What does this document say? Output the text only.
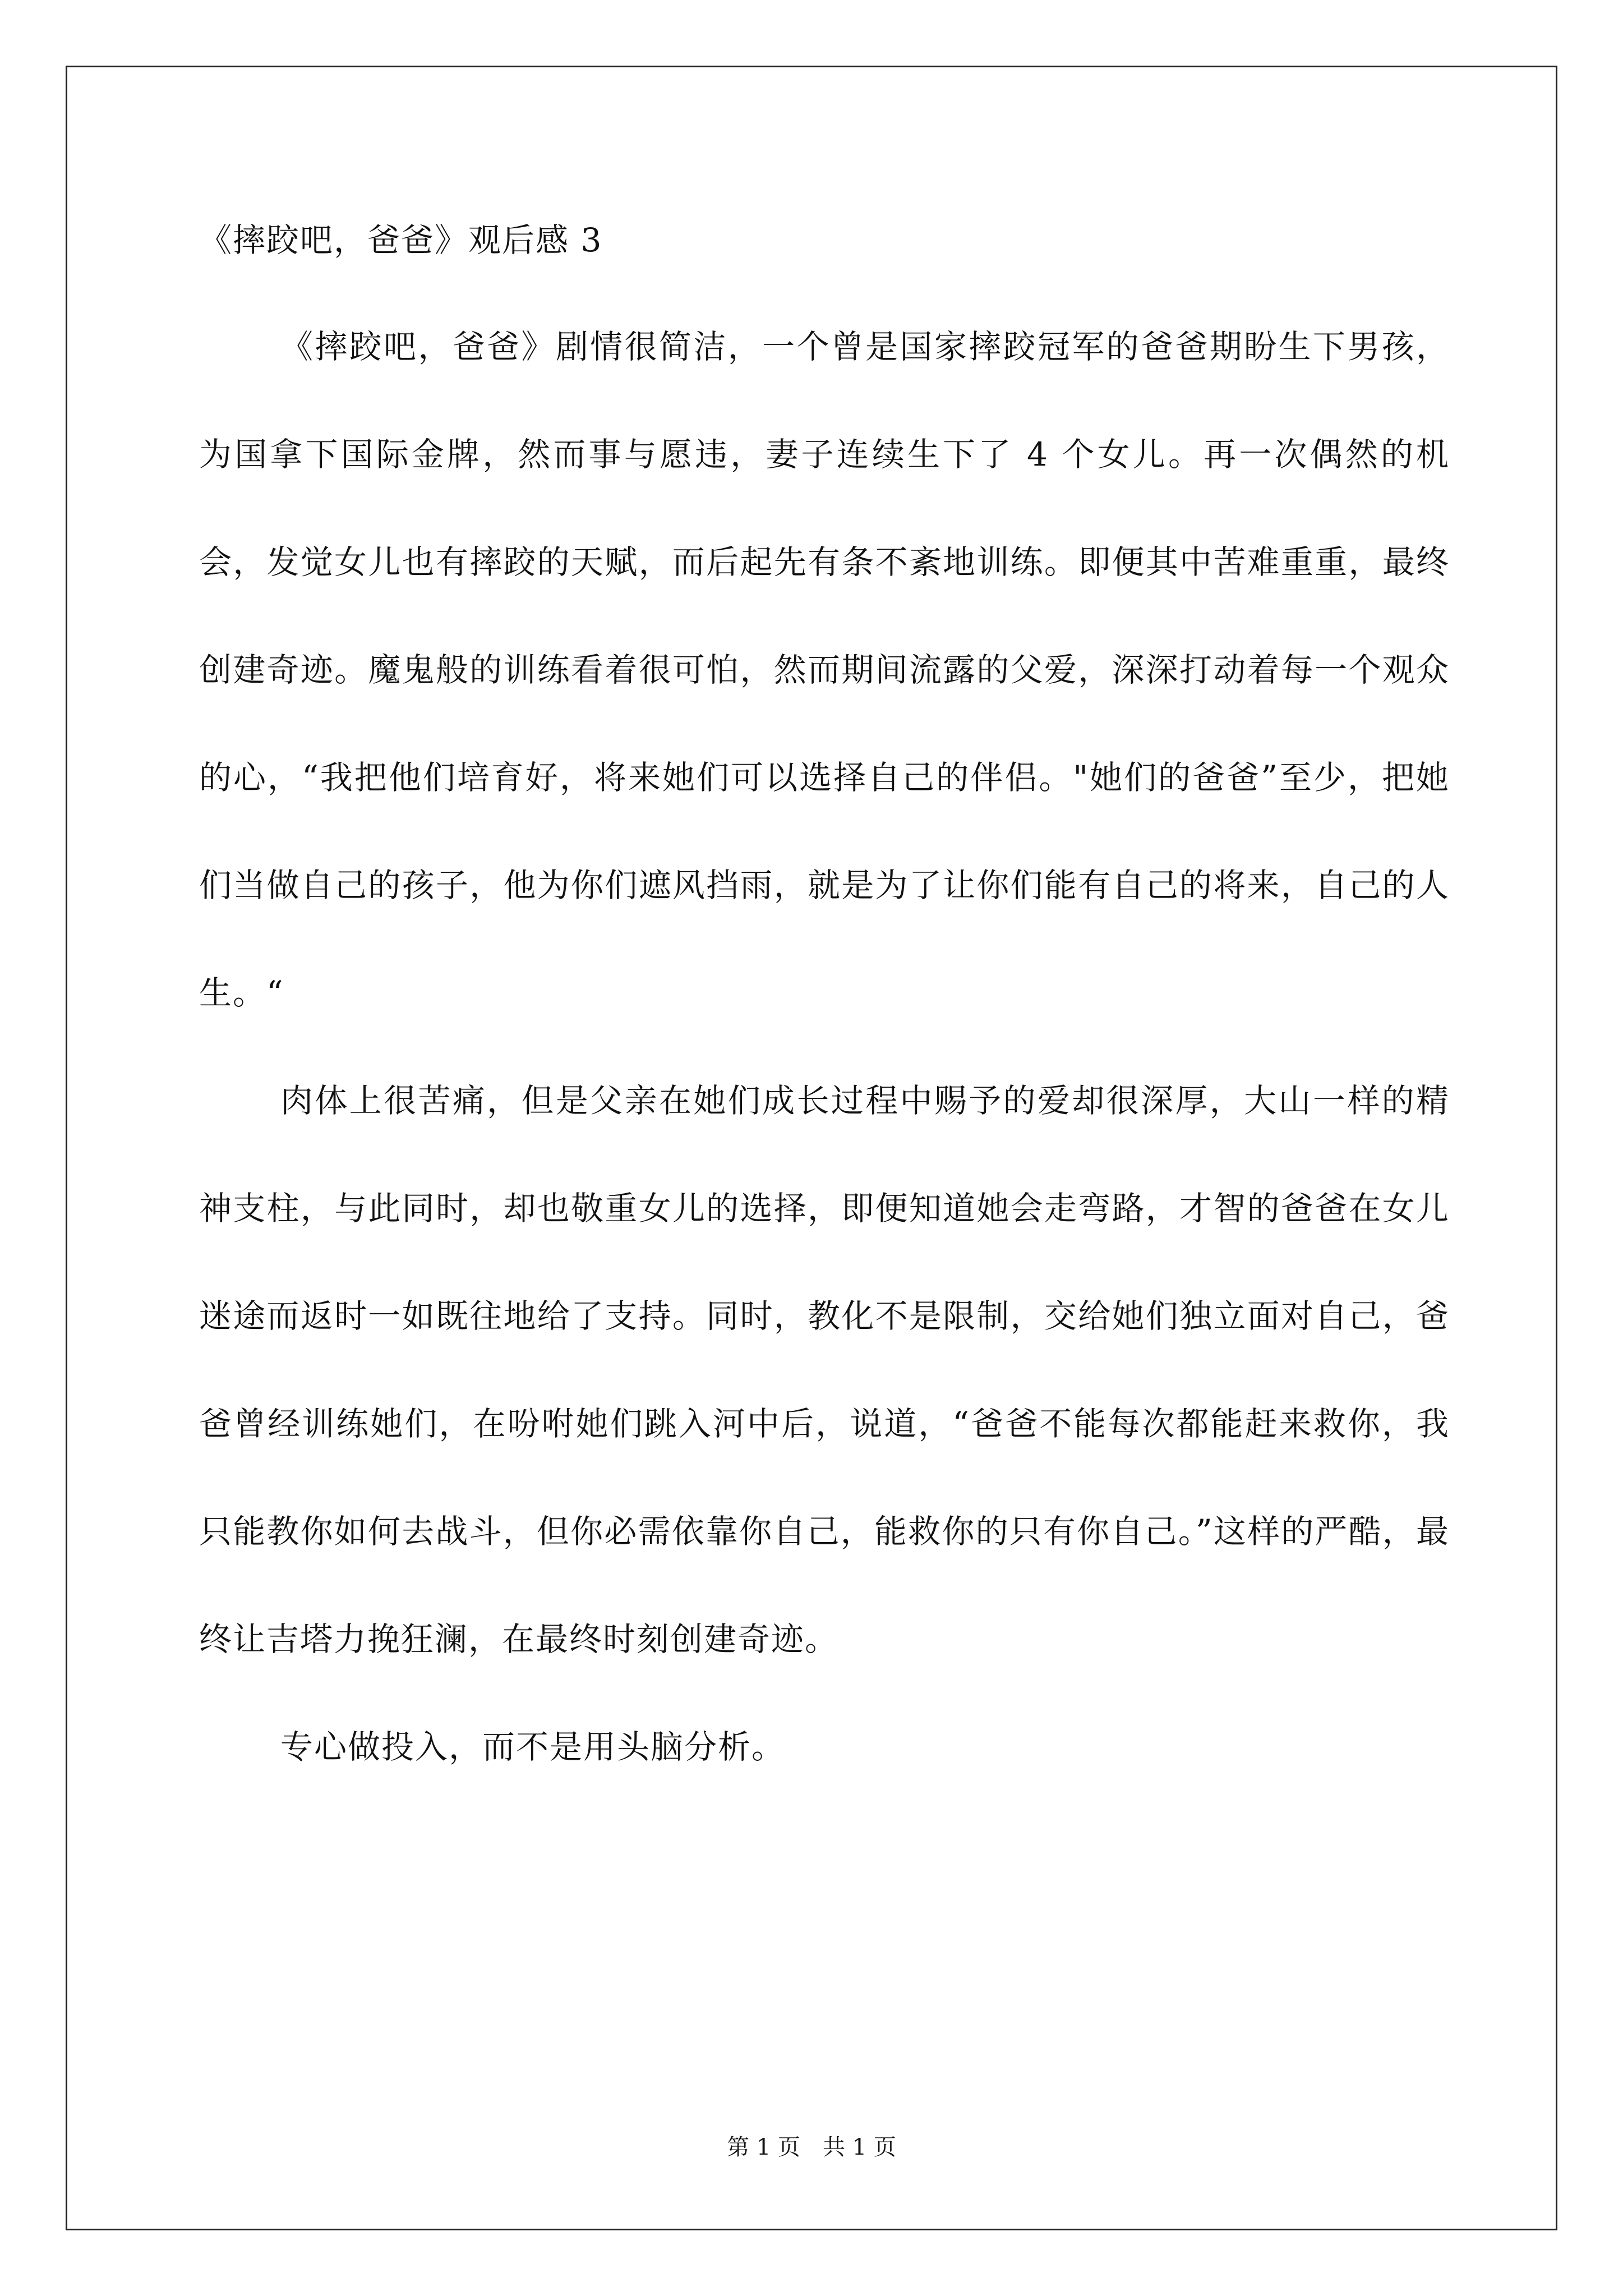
《摔跤吧，爸爸》观后感 3

《摔跤吧，爸爸》剧情很简洁，一个曾是国家摔跤冠军的爸爸期盼生下男孩，为国拿下国际金牌，然而事与愿违，妻子连续生下了 4 个女儿。再一次偶然的机会，发觉女儿也有摔跤的天赋，而后起先有条不紊地训练。即便其中苦难重重，最终创建奇迹。魔鬼般的训练看着很可怕，然而期间流露的父爱，深深打动着每一个观众的心，“我把他们培育好，将来她们可以选择自己的伴侣。"她们的爸爸”至少，把她们当做自己的孩子，他为你们遮风挡雨，就是为了让你们能有自己的将来，自己的人生。“

肉体上很苦痛，但是父亲在她们成长过程中赐予的爱却很深厚，大山一样的精神支柱，与此同时，却也敬重女儿的选择，即便知道她会走弯路，才智的爸爸在女儿迷途而返时一如既往地给了支持。同时，教化不是限制，交给她们独立面对自己，爸爸曾经训练她们，在吩咐她们跳入河中后，说道，“爸爸不能每次都能赶来救你，我只能教你如何去战斗，但你必需依靠你自己，能救你的只有你自己。”这样的严酷，最终让吉塔力挽狂澜，在最终时刻创建奇迹。

专心做投入，而不是用头脑分析。

第 1 页 共 1 页
